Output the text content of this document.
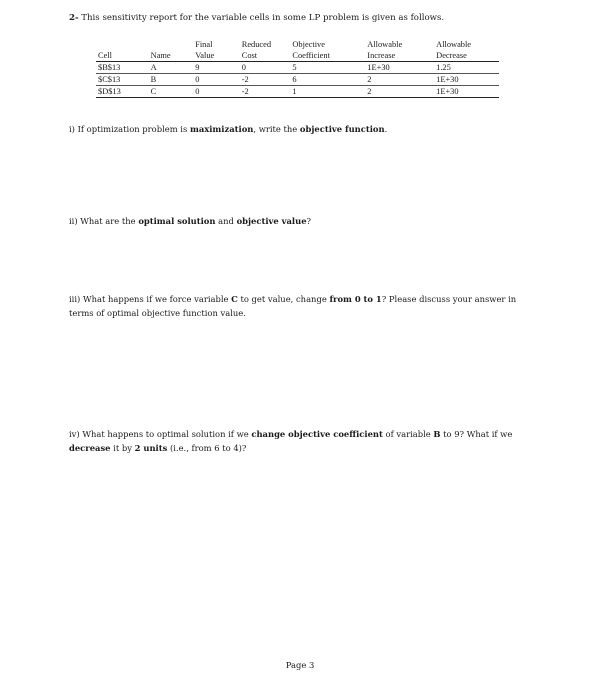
2- This sensitivity report for the variable cells in some LP problem is given as follows.
		Final	Reduced	Objective	Allowable	Allowable
Cell	Name	Value	Cost	Coefficient	Increase	Decrease
$B$13	A	9	0	5	1E+30	1.25
$C$13	B	0	-2	6	2	1E+30
$D$13	C	0	-2	1	2	1E+30
i) If optimization problem is maximization, write the objective function.
ii) What are the optimal solution and objective value?
iii) What happens if we force variable C to get value, change from 0 to 1? Please discuss your answer in terms of optimal objective function value.
iv) What happens to optimal solution if we change objective coefficient of variable B to 9? What if we decrease it by 2 units (i.e., from 6 to 4)?
Page 3
